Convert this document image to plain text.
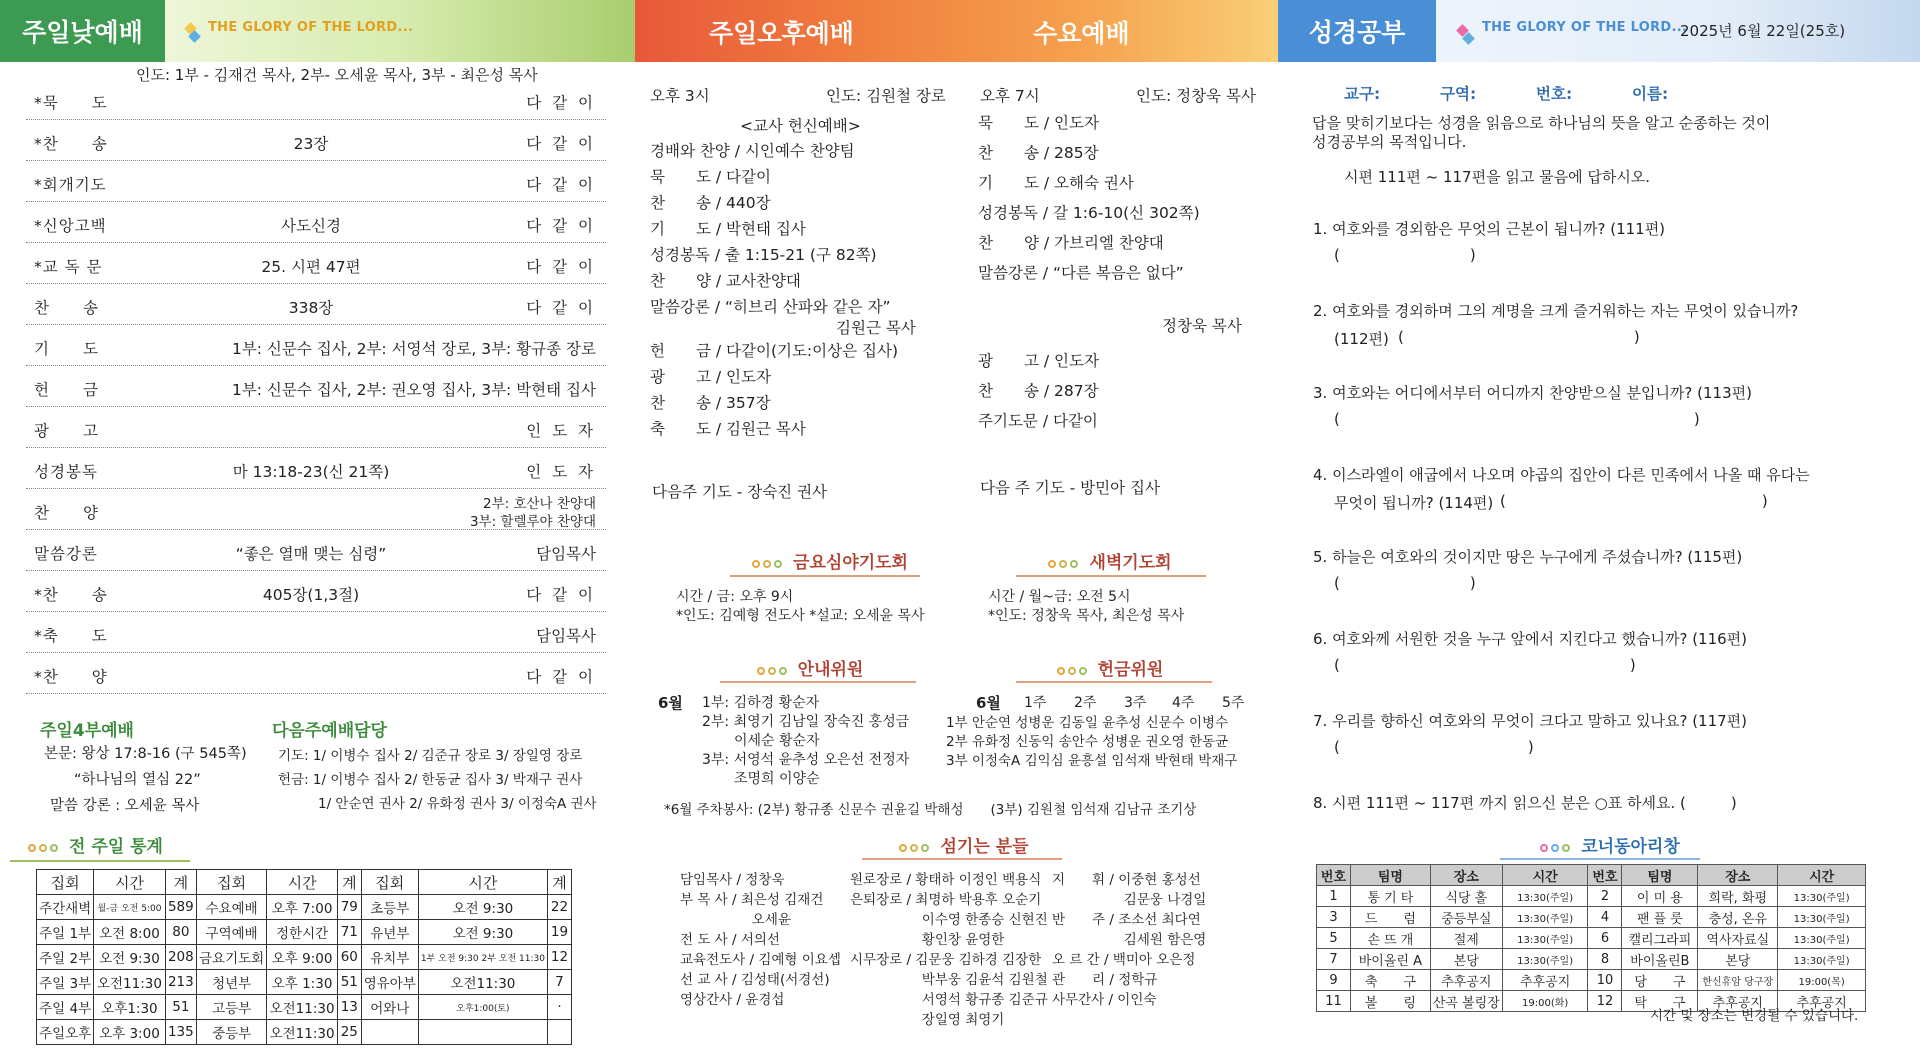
주일낮예배	THE GLORY OF THE LORD...	주일오후예배	수요예배	성경공부	THE GLORY OF THE LORD...
2025년 6월 22일(25호)
인도: 1부 - 김재건 목사, 2부- 오세윤 목사, 3부 - 최은성 목사
*묵　　도	다 같 이
*찬　　송	23장	다 같 이
*회개기도	다 같 이
*신앙고백	사도신경	다 같 이
*교 독 문	25. 시편 47편	다 같 이
찬　　송	338장	다 같 이
기　　도	1부: 신문수 집사, 2부: 서영석 장로, 3부: 황규종 장로
헌　　금	1부: 신문수 집사, 2부: 권오영 집사, 3부: 박현태 집사
광　　고	인 도 자
성경봉독	마 13:18-23(신 21쪽)	인 도 자
찬　　양	2부: 호산나 찬양대
3부: 할렐루야 찬양대
말씀강론	“좋은 열매 맺는 심령”	담임목사
*찬　　송	405장(1,3절)	다 같 이
*축　　도	담임목사
*찬　　양	다 같 이
주일4부예배
본문: 왕상 17:8-16 (구 545쪽)
“하나님의 열심 22”
말씀 강론 : 오세윤 목사
다음주예배담당
기도: 1/ 이병수 집사 2/ 김준규 장로 3/ 장일영 장로
헌금: 1/ 이병수 집사 2/ 한동균 집사 3/ 박재구 권사
1/ 안순연 권사 2/ 유화정 권사 3/ 이정숙A 권사
전 주일 통계
집회	시간	계	집회	시간	계	집회	시간	계
주간새벽	월-금 오전 5:00	589	수요예배	오후 7:00	79	초등부	오전 9:30	22
주일 1부	오전 8:00	80	구역예배	정한시간	71	유년부	오전 9:30	19
주일 2부	오전 9:30	208	금요기도회	오후 9:00	60	유치부	1부 오전 9:30 2부 오전 11:30	12
주일 3부	오전11:30	213	청년부	오후 1:30	51	영유아부	오전11:30	7
주일 4부	오후1:30	51	고등부	오전11:30	13	어와나	오후1:00(토)	·
주일오후	오후 3:00	135	중등부	오전11:30	25			
오후 3시	인도: 김원철 장로
<교사 헌신예배>
경배와 찬양 / 시인예수 찬양팀
묵　　도 / 다같이
찬　　송 / 440장
기　　도 / 박현태 집사
성경봉독 / 출 1:15-21 (구 82쪽)
찬　　양 / 교사찬양대
말씀강론 / “히브리 산파와 같은 자”
김원근 목사
헌　　금 / 다같이(기도:이상은 집사)
광　　고 / 인도자
찬　　송 / 357장
축　　도 / 김원근 목사
다음주 기도 - 장숙진 권사
오후 7시	인도: 정창욱 목사
묵　　도 / 인도자
찬　　송 / 285장
기　　도 / 오해숙 권사
성경봉독 / 갈 1:6-10(신 302쪽)
찬　　양 / 가브리엘 찬양대
말씀강론 / “다른 복음은 없다”
정창욱 목사
광　　고 / 인도자
찬　　송 / 287장
주기도문 / 다같이
다음 주 기도 - 방민아 집사
금요심야기도회
시간 / 금: 오후 9시
*인도: 김예형 전도사 *설교: 오세윤 목사
새벽기도회
시간 / 월~금: 오전 5시
*인도: 정창욱 목사, 최은성 목사
안내위원
6월 1부: 김하경 황순자
2부: 최영기 김남일 장숙진 홍성금
이세순 황순자
3부: 서영석 윤추성 오은선 전정자
조명희 이양순
헌금위원
6월 1주 2주 3주 4주 5주
1부 안순연 성병운 김동일 윤추성 신문수 이병수
2부 유화정 신동익 송안수 성병운 권오영 한동균
3부 이정숙A 김익심 윤흥설 임석재 박현태 박재구
*6월 주차봉사: (2부) 황규종 신문수 권윤길 박해성　　(3부) 김원철 임석재 김남규 조기상
섬기는 분들
담임목사 / 정창욱
부 목 사 / 최은성 김재건
　　　　　 오세윤
전 도 사 / 서의선
교육전도사 / 김예형 이요셉
선 교 사 / 김성태(서경선)
영상간사 / 윤경섭
원로장로 / 황태하 이정인 백용식
은퇴장로 / 최명하 박용후 오순기
　　　　　 이수영 한종승 신현진
　　　　　 황인창 윤영한
시무장로 / 김문웅 김하경 김장한
　　　　　 박부웅 김윤석 김원철
　　　　　 서영석 황규종 김준규
　　　　　 장일영 최영기
지　　휘 / 이중현 홍성선
　　　　　 김문웅 나경일
반　　주 / 조소선 최다연
　　　　　 김세원 함은영
오 르 간 / 백미아 오은정
관　　리 / 정학규
사무간사 / 이인숙
교구:	구역:	번호:	이름:
답을 맞히기보다는 성경을 읽음으로 하나님의 뜻을 알고 순종하는 것이
성경공부의 목적입니다.
시편 111편 ~ 117편을 읽고 물음에 답하시오.
1. 여호와를 경외함은 무엇의 근본이 됩니까? (111편)
(	)
2. 여호와를 경외하며 그의 계명을 크게 즐거워하는 자는 무엇이 있습니까?
(112편) (	)
3. 여호와는 어디에서부터 어디까지 찬양받으실 분입니까? (113편)
(	)
4. 이스라엘이 애굽에서 나오며 야곱의 집안이 다른 민족에서 나올 때 유다는
무엇이 됩니까? (114편) (	)
5. 하늘은 여호와의 것이지만 땅은 누구에게 주셨습니까? (115편)
(	)
6. 여호와께 서원한 것을 누구 앞에서 지킨다고 했습니까? (116편)
(	)
7. 우리를 향하신 여호와의 무엇이 크다고 말하고 있나요? (117편)
(	)
8. 시편 111편 ~ 117편 까지 읽으신 분은 ○표 하세요. (　　　)
코너동아리창
번호	팀명	장소	시간	번호	팀명	장소	시간
1	통 기 타	식당 홀	13:30(주일)	2	이 미 용	희락, 화평	13:30(주일)
3	드　　럼	중등부실	13:30(주일)	4	팬 플 룻	충성, 온유	13:30(주일)
5	손 뜨 개	절제	13:30(주일)	6	캘리그라피	역사자료실	13:30(주일)
7	바이올린 A	본당	13:30(주일)	8	바이올린B	본당	13:30(주일)
9	축　　구	추후공지	추후공지	10	당　　구	한신휴암 당구장	19:00(목)
11	볼　　링	산곡 볼링장	19:00(화)	12	탁　　구	추후공지	추후공지
시간 및 장소는 변경될 수 있습니다.
